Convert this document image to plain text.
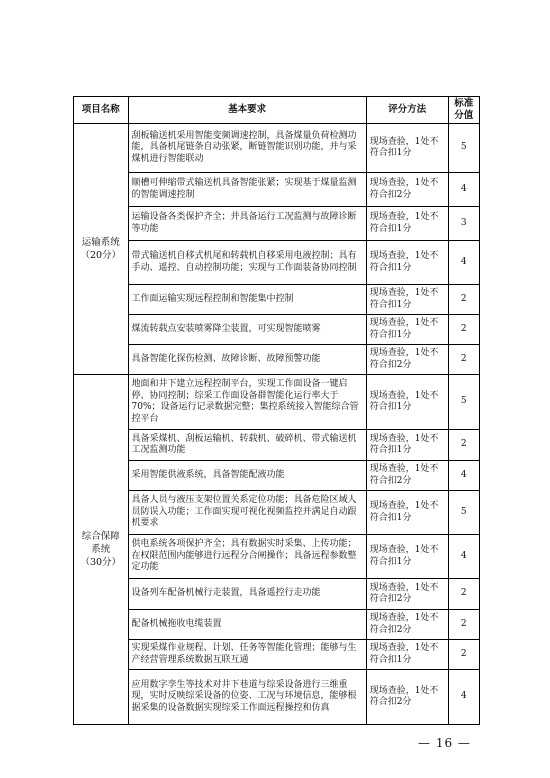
项目名称	基本要求	评分方法	标准
分值
运输系统
（20分）	刮板输送机采用智能变频调速控制，具备煤量负荷检测功能，具备机尾链条自动张紧，断链智能识别功能，并与采煤机进行智能联动	现场查验，1处不符合扣1分	5
	顺槽可伸缩带式输送机具备智能张紧；实现基于煤量监测的智能调速控制	现场查验，1处不符合扣2分	4
	运输设备各类保护齐全；并具备运行工况监测与故障诊断等功能	现场查验，1处不符合扣1分	3
	带式输送机自移式机尾和转载机自移采用电液控制；具有手动、遥控、自动控制功能；实现与工作面装备协同控制	现场查验，1处不符合扣1分	4
	工作面运输实现远程控制和智能集中控制	现场查验，1处不符合扣1分	2
	煤流转载点安装喷雾降尘装置，可实现智能喷雾	现场查验，1处不符合扣1分	2
	具备智能化探伤检测、故障诊断、故障预警功能	现场查验，1处不符合扣2分	2
综合保障
系统
（30分）	地面和井下建立远程控制平台，实现工作面设备一键启停、协同控制；综采工作面设备群智能化运行率大于70%；设备运行记录数据完整；集控系统接入智能综合管控平台	现场查验，1处不符合扣1分	5
	具备采煤机、刮板运输机、转载机、破碎机、带式输送机工况监测功能	现场查验，1处不符合扣1分	2
	采用智能供液系统，具备智能配液功能	现场查验，1处不符合扣2分	4
	具备人员与液压支架位置关系定位功能；具备危险区域人员防误入功能；工作面实现可视化视频监控并满足自动跟机要求	现场查验，1处不符合扣1分	5
	供电系统各项保护齐全；具有数据实时采集、上传功能；在权限范围内能够进行远程分合闸操作；具备远程参数整定功能	现场查验，1处不符合扣1分	4
	设备列车配备机械行走装置，具备遥控行走功能	现场查验，1处不符合扣2分	2
	配备机械拖收电缆装置	现场查验，1处不符合扣2分	2
	实现采煤作业规程、计划、任务等智能化管理；能够与生产经营管理系统数据互联互通	现场查验，1处不符合扣1分	2
	应用数字孪生等技术对井下巷道与综采设备进行三维重现，实时反映综采设备的位姿、工况与环境信息，能够根据采集的设备数据实现综采工作面远程操控和仿真	现场查验，1处不符合扣2分	4
— 16 —
